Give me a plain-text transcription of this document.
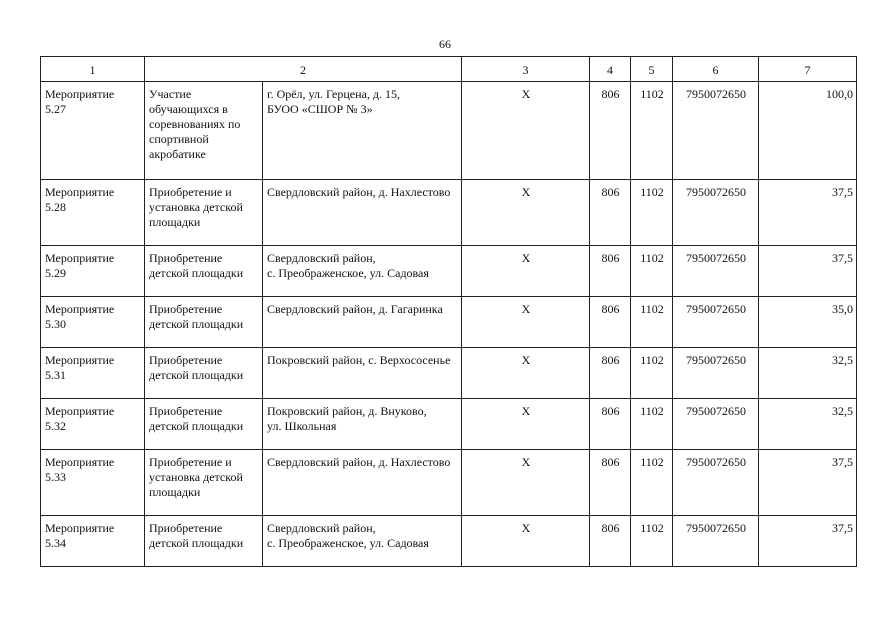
66
1	2		3	4	5	6	7

Мероприятие
5.27	Участие
обучающихся в
соревнованиях по
спортивной
акробатике	г. Орёл, ул. Герцена, д. 15,
БУОО «СШОР № 3»	Х	806	1102	7950072650	100,0

Мероприятие
5.28	Приобретение и
установка детской
площадки	Свердловский район, д. Нахлестово	Х	806	1102	7950072650	37,5

Мероприятие
5.29	Приобретение
детской площадки	Свердловский район,
с. Преображенское, ул. Садовая	Х	806	1102	7950072650	37,5

Мероприятие
5.30	Приобретение
детской площадки	Свердловский район, д. Гагаринка	Х	806	1102	7950072650	35,0

Мероприятие
5.31	Приобретение
детской площадки	Покровский район, с. Верхососенье	Х	806	1102	7950072650	32,5

Мероприятие
5.32	Приобретение
детской площадки	Покровский район, д. Внуково,
ул. Школьная	Х	806	1102	7950072650	32,5

Мероприятие
5.33	Приобретение и
установка детской
площадки	Свердловский район, д. Нахлестово	Х	806	1102	7950072650	37,5

Мероприятие
5.34	Приобретение
детской площадки	Свердловский район,
с. Преображенское, ул. Садовая	Х	806	1102	7950072650	37,5
